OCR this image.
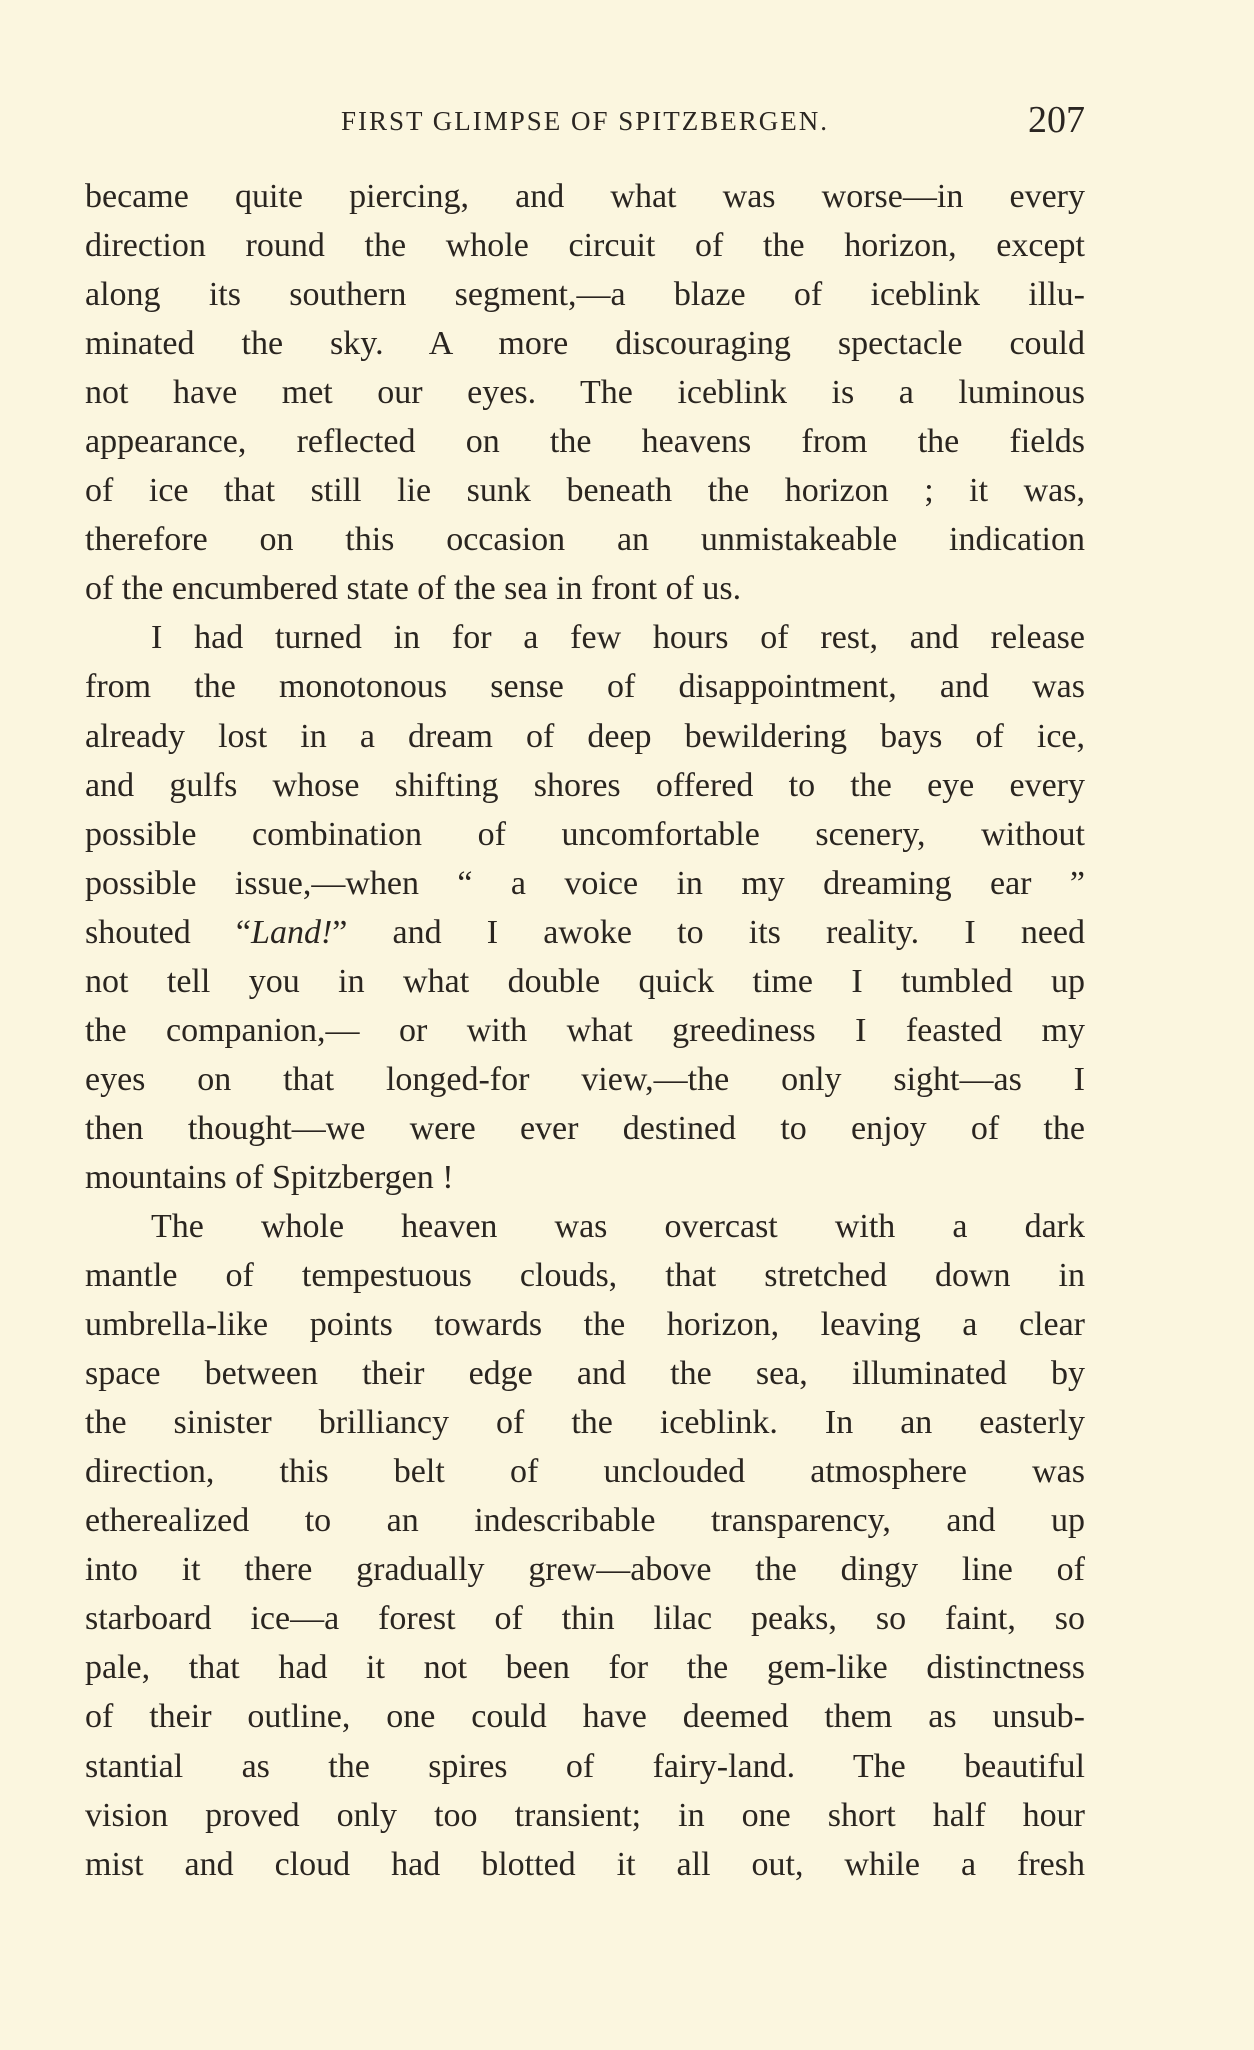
FIRST GLIMPSE OF SPITZBERGEN.	207
became quite piercing, and what was worse—in every
direction round the whole circuit of the horizon, except
along its southern segment,—a blaze of iceblink illu-
minated the sky. A more discouraging spectacle could
not have met our eyes. The iceblink is a luminous
appearance, reflected on the heavens from the fields
of ice that still lie sunk beneath the horizon ; it was,
therefore on this occasion an unmistakeable indication
of the encumbered state of the sea in front of us.
I had turned in for a few hours of rest, and release
from the monotonous sense of disappointment, and was
already lost in a dream of deep bewildering bays of ice,
and gulfs whose shifting shores offered to the eye every
possible combination of uncomfortable scenery, without
possible issue,—when “ a voice in my dreaming ear ”
shouted “Land!” and I awoke to its reality. I need
not tell you in what double quick time I tumbled up
the companion,— or with what greediness I feasted my
eyes on that longed-for view,—the only sight—as I
then thought—we were ever destined to enjoy of the
mountains of Spitzbergen !
The whole heaven was overcast with a dark
mantle of tempestuous clouds, that stretched down in
umbrella-like points towards the horizon, leaving a clear
space between their edge and the sea, illuminated by
the sinister brilliancy of the iceblink. In an easterly
direction, this belt of unclouded atmosphere was
etherealized to an indescribable transparency, and up
into it there gradually grew—above the dingy line of
starboard ice—a forest of thin lilac peaks, so faint, so
pale, that had it not been for the gem-like distinctness
of their outline, one could have deemed them as unsub-
stantial as the spires of fairy-land. The beautiful
vision proved only too transient; in one short half hour
mist and cloud had blotted it all out, while a fresh
